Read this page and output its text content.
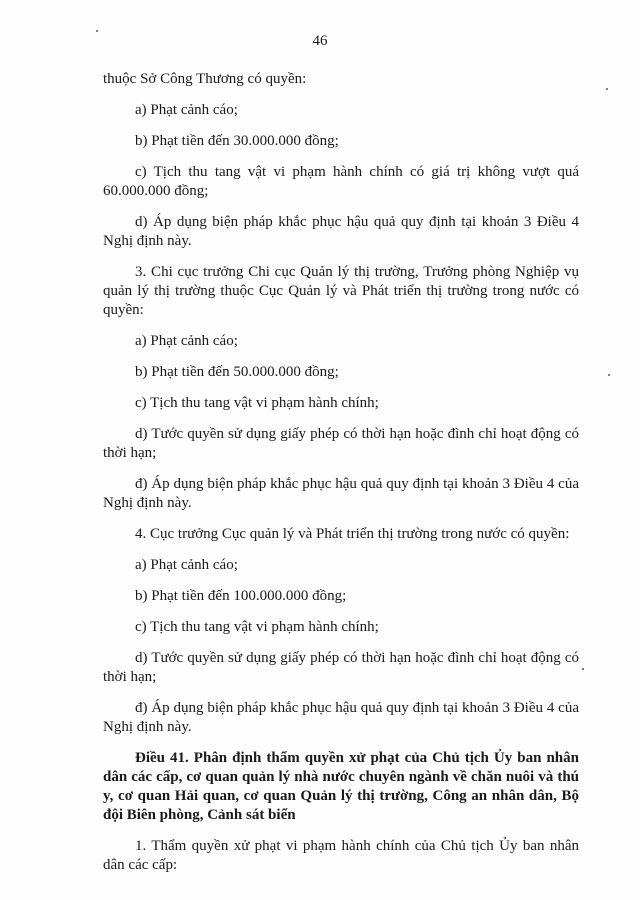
46

thuộc Sở Công Thương có quyền:

a) Phạt cảnh cáo;

b) Phạt tiền đến 30.000.000 đồng;

c) Tịch thu tang vật vi phạm hành chính có giá trị không vượt quá 60.000.000 đồng;

d) Áp dụng biện pháp khắc phục hậu quả quy định tại khoản 3 Điều 4 Nghị định này.

3. Chi cục trưởng Chi cục Quản lý thị trường, Trưởng phòng Nghiệp vụ quản lý thị trường thuộc Cục Quản lý và Phát triển thị trường trong nước có quyền:

a) Phạt cảnh cáo;

b) Phạt tiền đến 50.000.000 đồng;

c) Tịch thu tang vật vi phạm hành chính;

d) Tước quyền sử dụng giấy phép có thời hạn hoặc đình chỉ hoạt động có thời hạn;

đ) Áp dụng biện pháp khắc phục hậu quả quy định tại khoản 3 Điều 4 của Nghị định này.

4. Cục trưởng Cục quản lý và Phát triển thị trường trong nước có quyền:

a) Phạt cảnh cáo;

b) Phạt tiền đến 100.000.000 đồng;

c) Tịch thu tang vật vi phạm hành chính;

d) Tước quyền sử dụng giấy phép có thời hạn hoặc đình chỉ hoạt động có thời hạn;

đ) Áp dụng biện pháp khắc phục hậu quả quy định tại khoản 3 Điều 4 của Nghị định này.

Điều 41. Phân định thẩm quyền xử phạt của Chủ tịch Ủy ban nhân dân các cấp, cơ quan quản lý nhà nước chuyên ngành về chăn nuôi và thú y, cơ quan Hải quan, cơ quan Quản lý thị trường, Công an nhân dân, Bộ đội Biên phòng, Cảnh sát biển

1. Thẩm quyền xử phạt vi phạm hành chính của Chủ tịch Ủy ban nhân dân các cấp:
